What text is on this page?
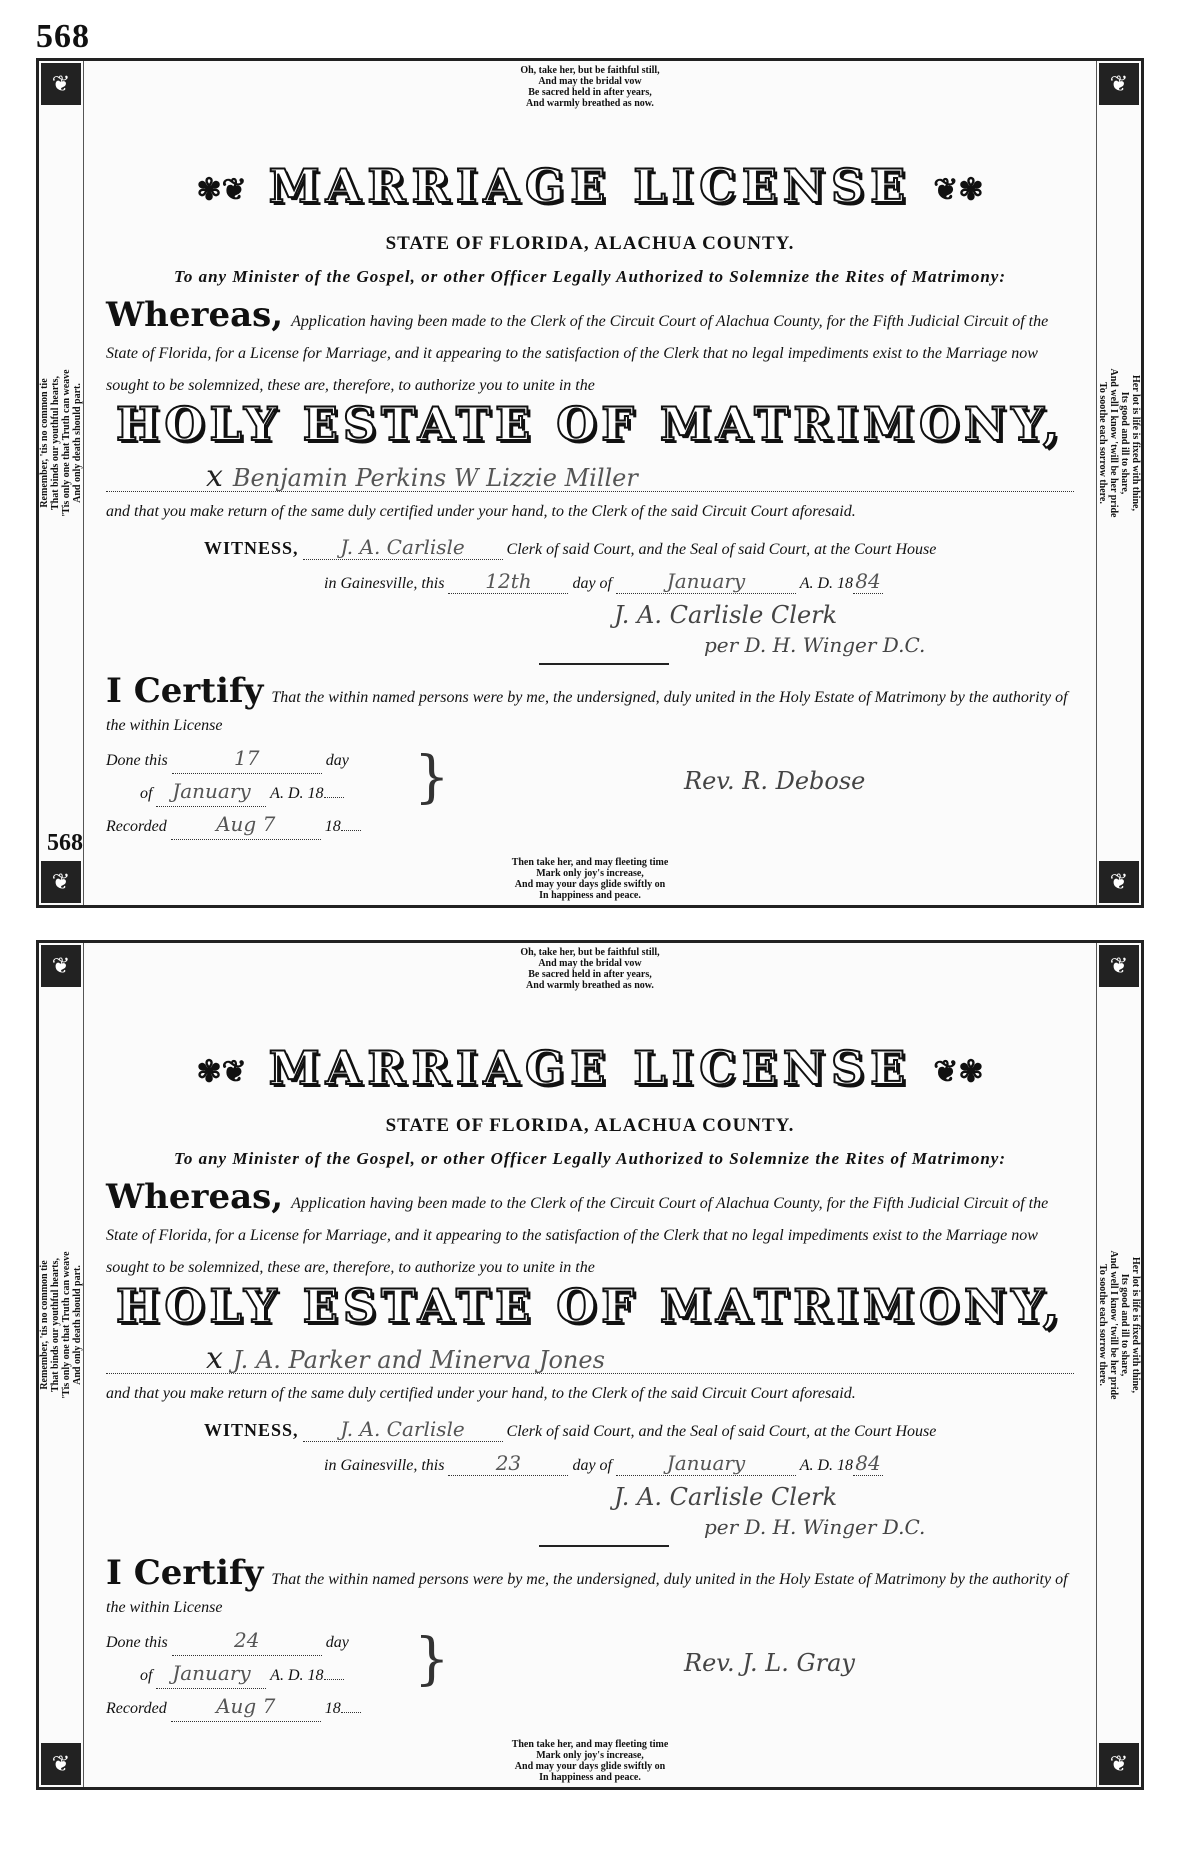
568
❦	❦
❦	❦
568
Remember, 'tis no common tie That binds our youthful hearts, 'Tis only one that Truth can weave And only death should part.	Her lot is life is fixed with thine,
Its good and ill to share,
And well I know 'twill be her pride
To soothe each sorrow there.
Oh, take her, but be faithful still,
And may the bridal vow
Be sacred held in after years,
And warmly breathed as now.
✾❦ MARRIAGE LICENSE ❦✾
STATE OF FLORIDA, ALACHUA COUNTY.
To any Minister of the Gospel, or other Officer Legally Authorized to Solemnize the Rites of Matrimony:
Whereas, Application having been made to the Clerk of the Circuit Court of Alachua County, for the Fifth Judicial Circuit of the State of Florida, for a License for Marriage, and it appearing to the satisfaction of the Clerk that no legal impediments exist to the Marriage now sought to be solemnized, these are, therefore, to authorize you to unite in the
HOLY ESTATE OF MATRIMONY,
x Benjamin Perkins W Lizzie Miller
and that you make return of the same duly certified under your hand, to the Clerk of the said Circuit Court aforesaid.
WITNESS, J. A. Carlisle	Clerk of said Court, and the Seal of said Court, at the Court House
in Gainesville, this 12th	day of	January	A. D. 18 84
J. A. Carlisle Clerk
per D. H. Winger D.C.
I Certify That the within named persons were by me, the undersigned, duly united in the Holy Estate of Matrimony by the authority of the within License
Done this	17	day
of January A. D. 18
Recorded Aug 7	18
}	Rev. R. Debose
Then take her, and may fleeting time
Mark only joy's increase,
And may your days glide swiftly on
In happiness and peace.
❦	❦
❦	❦
Remember, 'tis no common tie That binds our youthful hearts, 'Tis only one that Truth can weave And only death should part.	Her lot is life is fixed with thine,
Its good and ill to share,
And well I know 'twill be her pride
To soothe each sorrow there.
Oh, take her, but be faithful still,
And may the bridal vow
Be sacred held in after years,
And warmly breathed as now.
✾❦ MARRIAGE LICENSE ❦✾
STATE OF FLORIDA, ALACHUA COUNTY.
To any Minister of the Gospel, or other Officer Legally Authorized to Solemnize the Rites of Matrimony:
Whereas, Application having been made to the Clerk of the Circuit Court of Alachua County, for the Fifth Judicial Circuit of the State of Florida, for a License for Marriage, and it appearing to the satisfaction of the Clerk that no legal impediments exist to the Marriage now sought to be solemnized, these are, therefore, to authorize you to unite in the
HOLY ESTATE OF MATRIMONY,
x J. A. Parker and Minerva Jones
and that you make return of the same duly certified under your hand, to the Clerk of the said Circuit Court aforesaid.
WITNESS, J. A. Carlisle	Clerk of said Court, and the Seal of said Court, at the Court House
in Gainesville, this	23	day of	January	A. D. 18 84
J. A. Carlisle Clerk
per D. H. Winger D.C.
I Certify That the within named persons were by me, the undersigned, duly united in the Holy Estate of Matrimony by the authority of the within License
Done this	24	day
of January A. D. 18
Recorded Aug 7	18
}	Rev. J. L. Gray
Then take her, and may fleeting time
Mark only joy's increase,
And may your days glide swiftly on
In happiness and peace.
